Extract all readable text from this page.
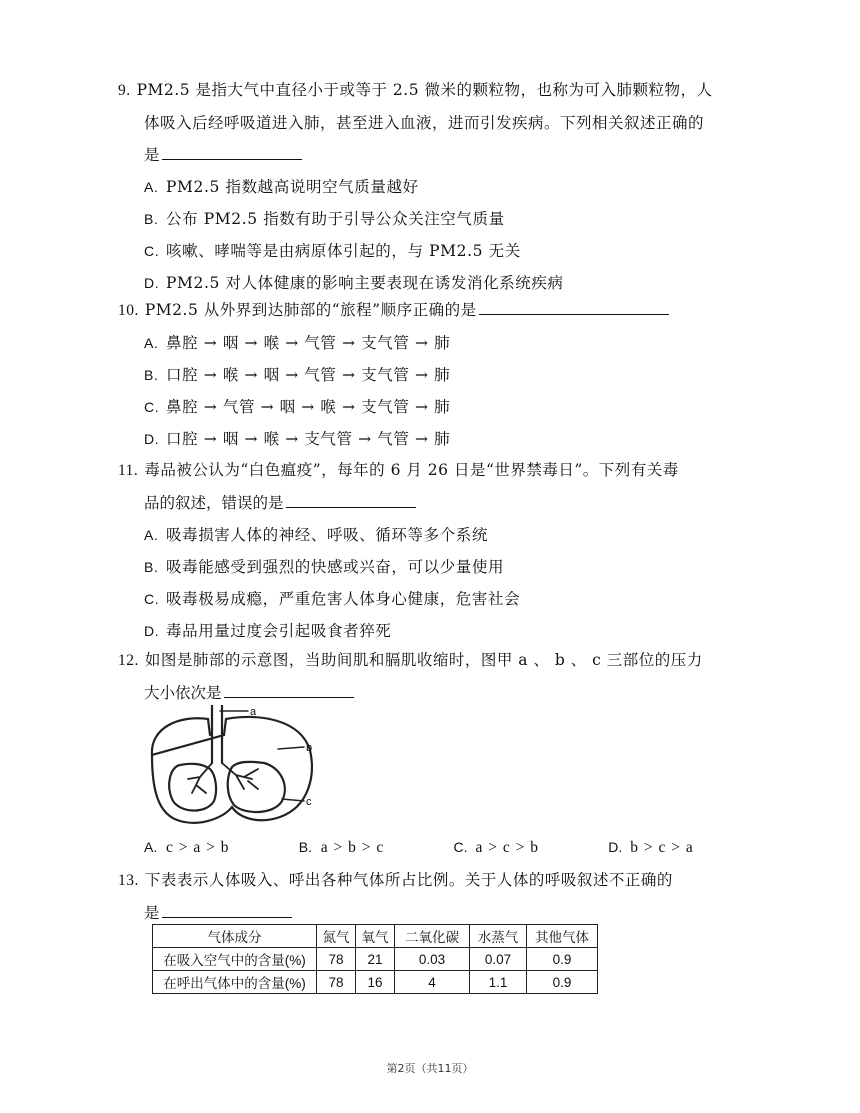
9. PM2.5 是指大气中直径小于或等于 2.5 微米的颗粒物，也称为可入肺颗粒物，人
体吸入后经呼吸道进入肺，甚至进入血液，进而引发疾病。下列相关叙述正确的
是
A. PM2.5 指数越高说明空气质量越好
B. 公布 PM2.5 指数有助于引导公众关注空气质量
C. 咳嗽、哮喘等是由病原体引起的，与 PM2.5 无关
D. PM2.5 对人体健康的影响主要表现在诱发消化系统疾病
10. PM2.5 从外界到达肺部的“旅程”顺序正确的是
A. 鼻腔 → 咽 → 喉 → 气管 → 支气管 → 肺
B. 口腔 → 喉 → 咽 → 气管 → 支气管 → 肺
C. 鼻腔 → 气管 → 咽 → 喉 → 支气管 → 肺
D. 口腔 → 咽 → 喉 → 支气管 → 气管 → 肺
11. 毒品被公认为“白色瘟疫”，每年的 6 月 26 日是“世界禁毒日”。下列有关毒
品的叙述，错误的是
A. 吸毒损害人体的神经、呼吸、循环等多个系统
B. 吸毒能感受到强烈的快感或兴奋，可以少量使用
C. 吸毒极易成瘾，严重危害人体身心健康，危害社会
D. 毒品用量过度会引起吸食者猝死
12. 如图是肺部的示意图，当助间肌和膈肌收缩时，图甲 a 、 b 、 c 三部位的压力
大小依次是
a
b
c
A. c > a > b	B. a > b > c	C. a > c > b	D. b > c > a
13. 下表表示人体吸入、呼出各种气体所占比例。关于人体的呼吸叙述不正确的
是
气体成分	氮气	氧气	二氧化碳	水蒸气	其他气体
在吸入空气中的含量(%)	78	21	0.03	0.07	0.9
在呼出气体中的含量(%)	78	16	4	1.1	0.9
第2页（共11页）
